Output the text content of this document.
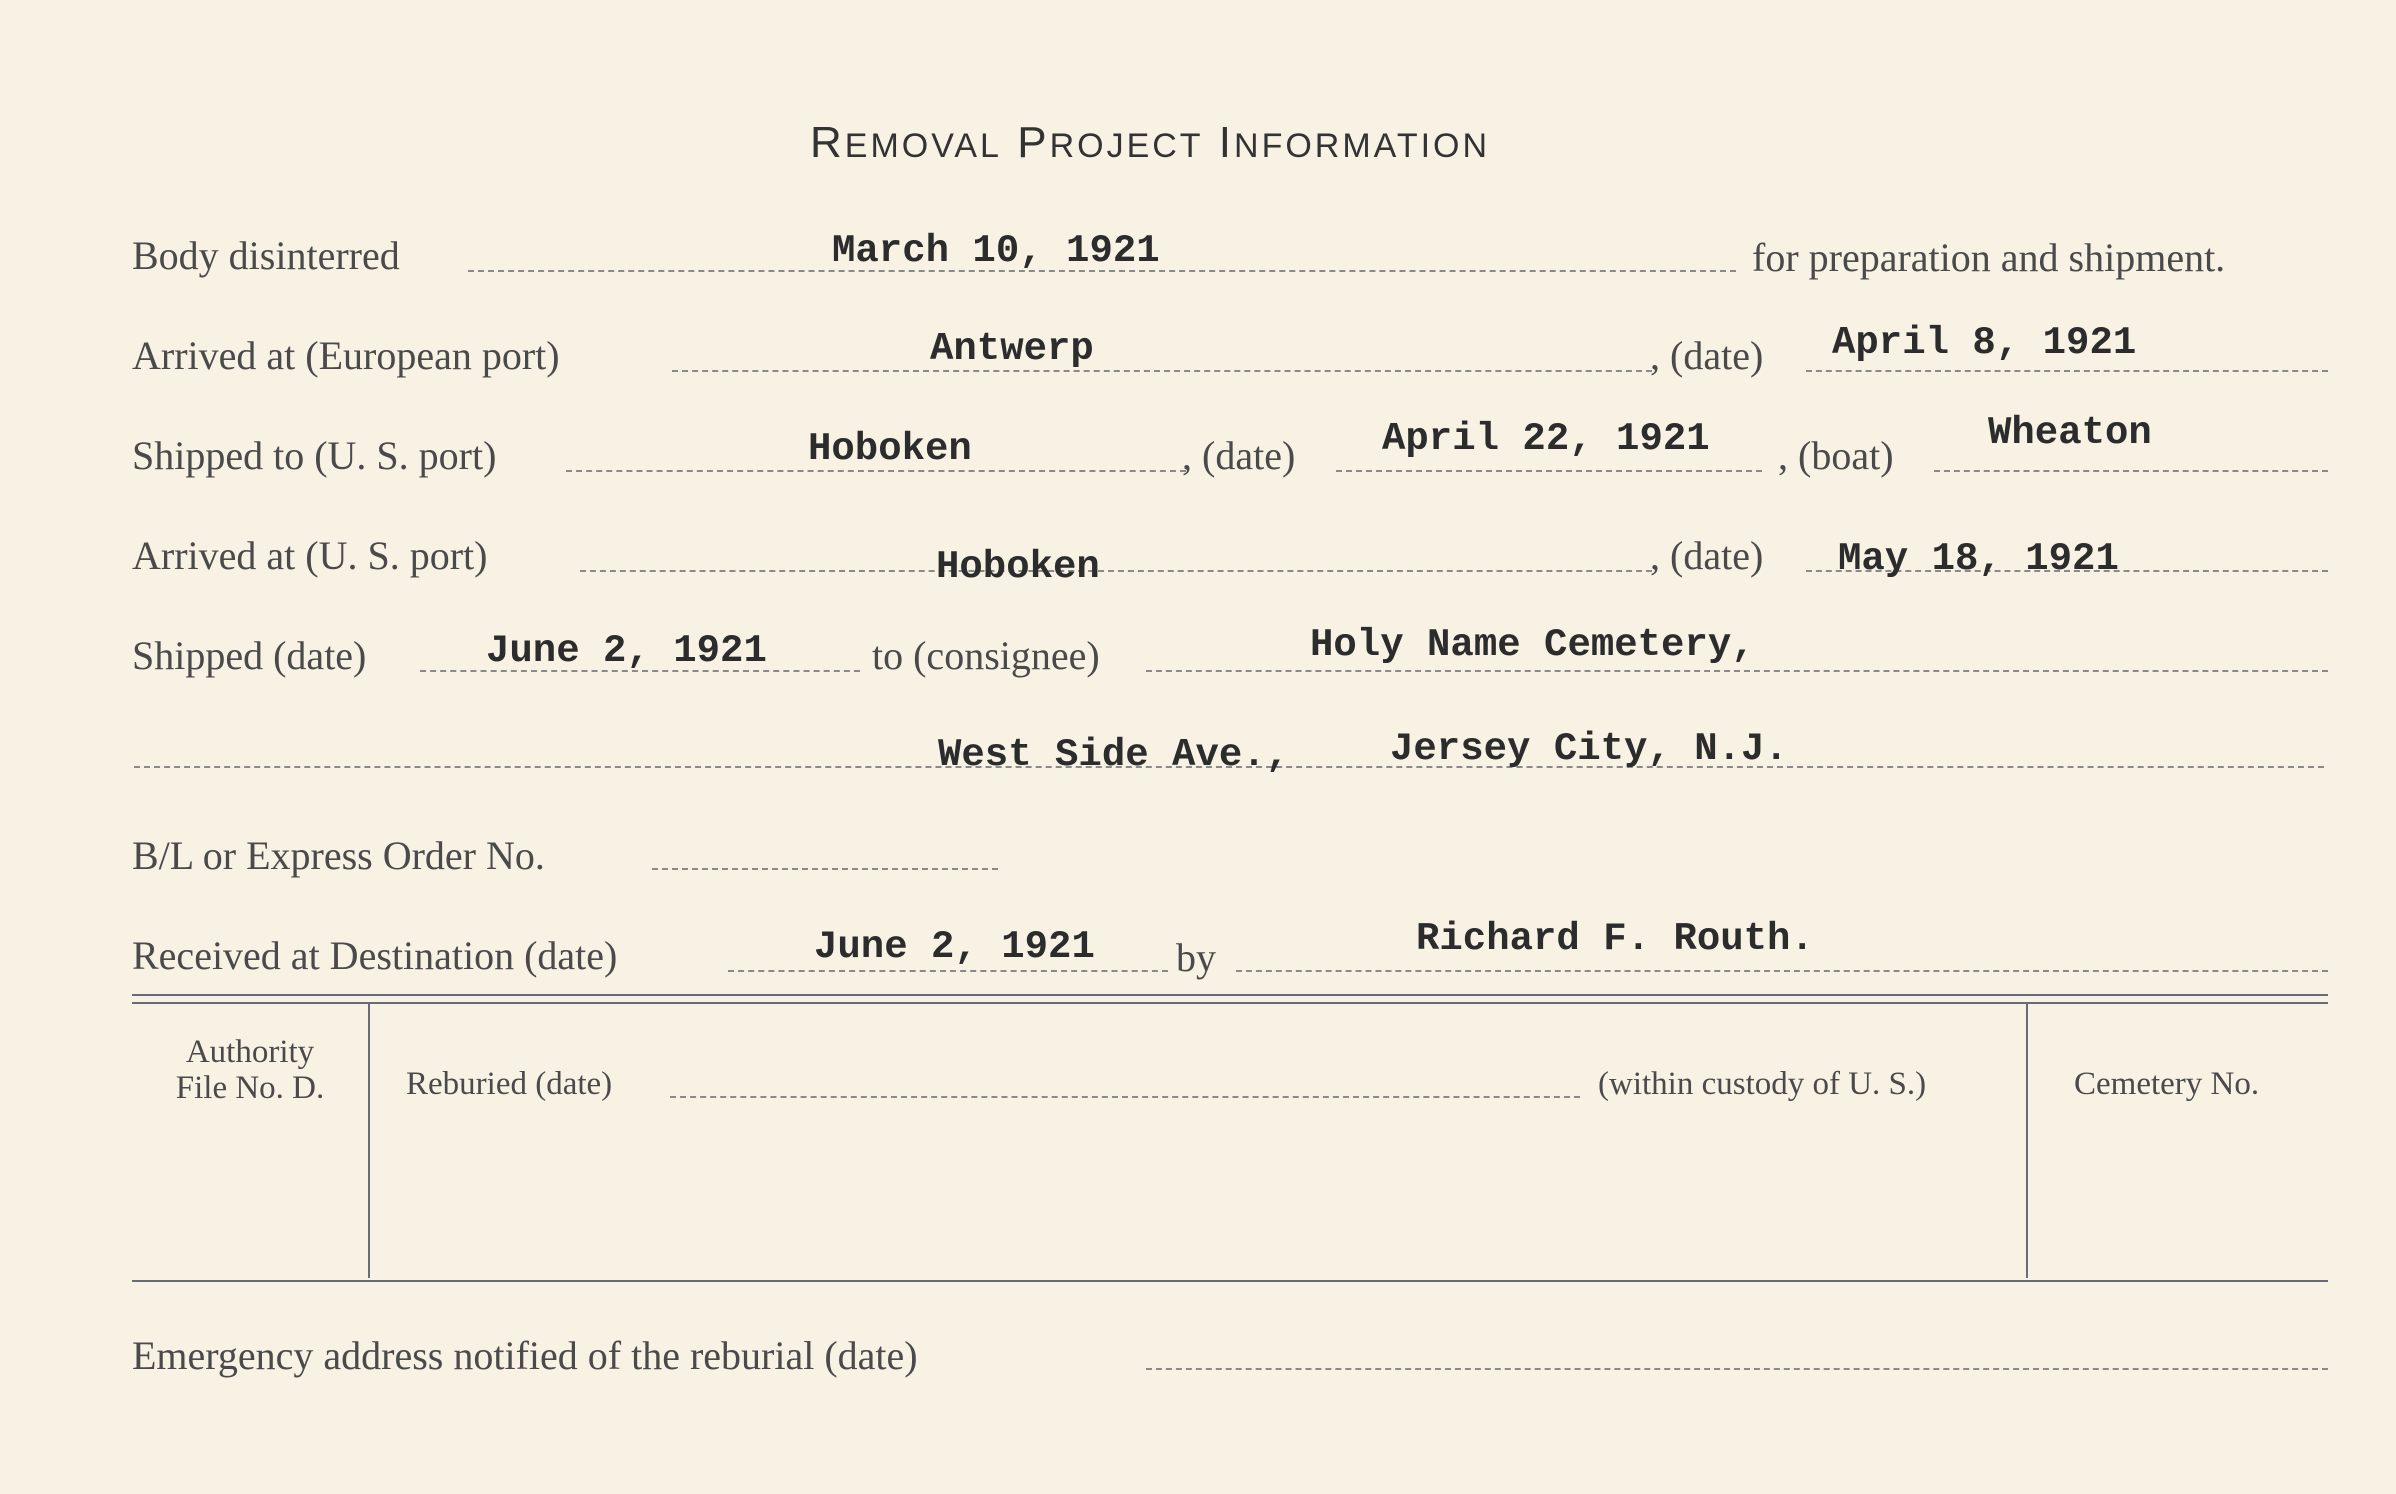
REMOVAL PROJECT INFORMATION
Body disinterred	March 10, 1921	for preparation and shipment.
Arrived at (European port)	Antwerp	, (date) April 8, 1921
Shipped to (U. S. port)	Hoboken	, (date) April 22, 1921 , (boat) Wheaton
Arrived at (U. S. port)	Hoboken	, (date) May 18, 1921
Shipped (date)	June 2, 1921	to (consignee)	Holy Name Cemetery,
West Side Ave.,	Jersey City, N.J.
B/L or Express Order No.
Received at Destination (date)	June 2, 1921 by	Richard F. Routh.
Authority
File No. D.	Reburied (date)	(within custody of U. S.)	Cemetery No.
Emergency address notified of the reburial (date)
